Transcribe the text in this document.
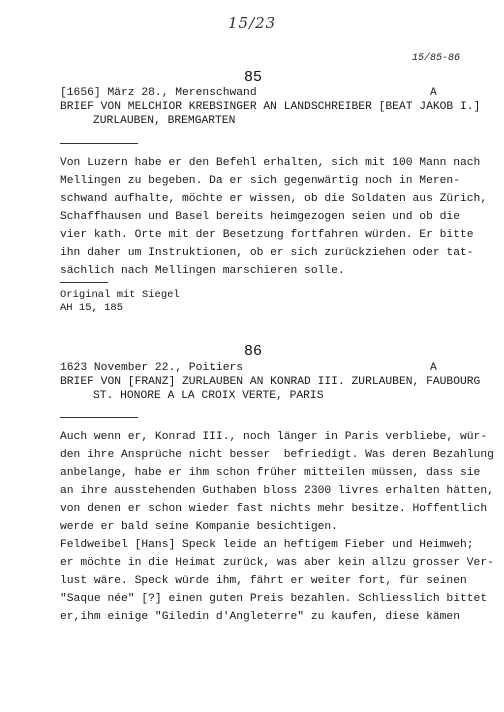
15/23
15/85-86
85
[1656] März 28., Merenschwand	A
BRIEF VON MELCHIOR KREBSINGER AN LANDSCHREIBER [BEAT JAKOB I.]
ZURLAUBEN, BREMGARTEN
Von Luzern habe er den Befehl erhalten, sich mit 100 Mann nach
Mellingen zu begeben. Da er sich gegenwärtig noch in Meren-
schwand aufhalte, möchte er wissen, ob die Soldaten aus Zürich,
Schaffhausen und Basel bereits heimgezogen seien und ob die
vier kath. Orte mit der Besetzung fortfahren würden. Er bitte
ihn daher um Instruktionen, ob er sich zurückziehen oder tat-
sächlich nach Mellingen marschieren solle.
Original mit Siegel
AH 15, 185
86
1623 November 22., Poitiers	A
BRIEF VON [FRANZ] ZURLAUBEN AN KONRAD III. ZURLAUBEN, FAUBOURG
ST. HONORE A LA CROIX VERTE, PARIS
Auch wenn er, Konrad III., noch länger in Paris verbliebe, wür-
den ihre Ansprüche nicht besser  befriedigt. Was deren Bezahlung
anbelange, habe er ihm schon früher mitteilen müssen, dass sie
an ihre ausstehenden Guthaben bloss 2300 livres erhalten hätten,
von denen er schon wieder fast nichts mehr besitze. Hoffentlich
werde er bald seine Kompanie besichtigen.
Feldweibel [Hans] Speck leide an heftigem Fieber und Heimweh;
er möchte in die Heimat zurück, was aber kein allzu grosser Ver-
lust wäre. Speck würde ihm, fährt er weiter fort, für seinen
"Saque née" [?] einen guten Preis bezahlen. Schliesslich bittet
er,ihm einige "Giledin d'Angleterre" zu kaufen, diese kämen
